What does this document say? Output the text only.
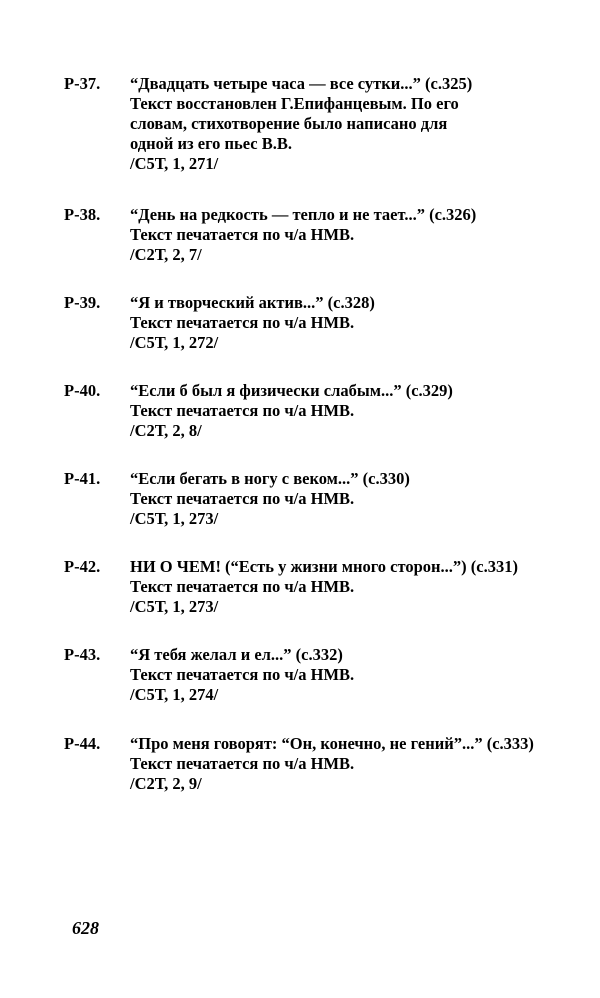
Р-37. “Двадцать четыре часа — все сутки...” (с.325)
Текст восстановлен Г.Епифанцевым. По его
словам, стихотворение было написано для
одной из его пьес В.В.
/С5Т, 1, 271/
Р-38. “День на редкость — тепло и не тает...” (с.326)
Текст печатается по ч/а НМВ.
/С2Т, 2, 7/
Р-39. “Я и творческий актив...” (с.328)
Текст печатается по ч/а НМВ.
/С5Т, 1, 272/
Р-40. “Если б был я физически слабым...” (с.329)
Текст печатается по ч/а НМВ.
/С2Т, 2, 8/
Р-41. “Если бегать в ногу с веком...” (с.330)
Текст печатается по ч/а НМВ.
/С5Т, 1, 273/
Р-42. НИ О ЧЕМ! (“Есть у жизни много сторон...”) (с.331)
Текст печатается по ч/а НМВ.
/С5Т, 1, 273/
Р-43. “Я тебя желал и ел...” (с.332)
Текст печатается по ч/а НМВ.
/С5Т, 1, 274/
Р-44. “Про меня говорят: “Он, конечно, не гений”...” (с.333)
Текст печатается по ч/а НМВ.
/С2Т, 2, 9/
628
